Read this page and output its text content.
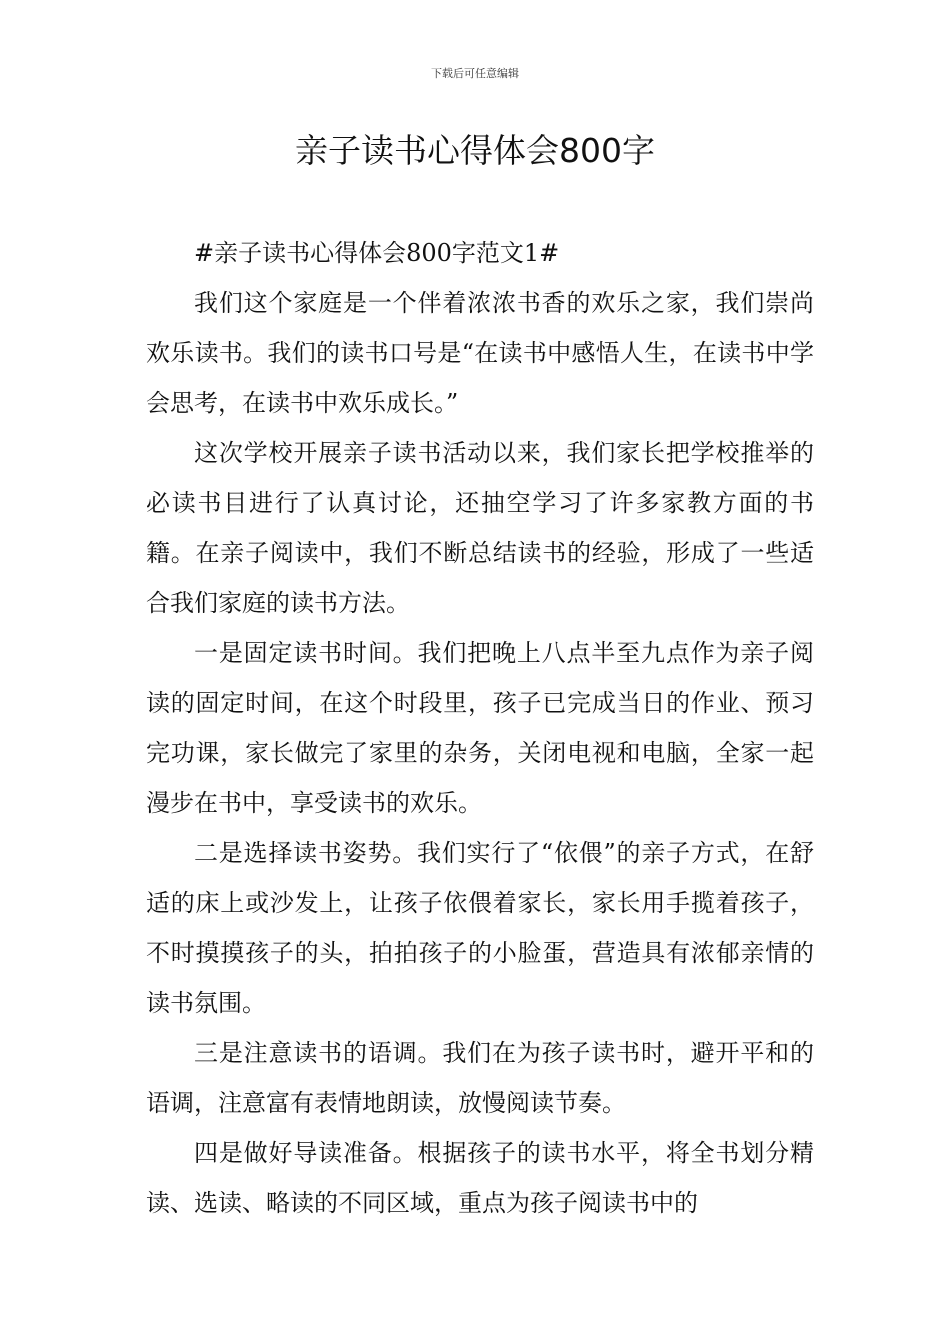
下载后可任意编辑
亲子读书心得体会800字

#亲子读书心得体会800字范文1#

我们这个家庭是一个伴着浓浓书香的欢乐之家，我们崇尚欢乐读书。我们的读书口号是“在读书中感悟人生，在读书中学会思考，在读书中欢乐成长。”

这次学校开展亲子读书活动以来，我们家长把学校推举的必读书目进行了认真讨论，还抽空学习了许多家教方面的书籍。在亲子阅读中，我们不断总结读书的经验，形成了一些适合我们家庭的读书方法。

一是固定读书时间。我们把晚上八点半至九点作为亲子阅读的固定时间，在这个时段里，孩子已完成当日的作业、预习完功课，家长做完了家里的杂务，关闭电视和电脑，全家一起漫步在书中，享受读书的欢乐。

二是选择读书姿势。我们实行了“依偎”的亲子方式，在舒适的床上或沙发上，让孩子依偎着家长，家长用手揽着孩子，不时摸摸孩子的头，拍拍孩子的小脸蛋，营造具有浓郁亲情的读书氛围。

三是注意读书的语调。我们在为孩子读书时，避开平和的语调，注意富有表情地朗读，放慢阅读节奏。

四是做好导读准备。根据孩子的读书水平，将全书划分精读、选读、略读的不同区域，重点为孩子阅读书中的
